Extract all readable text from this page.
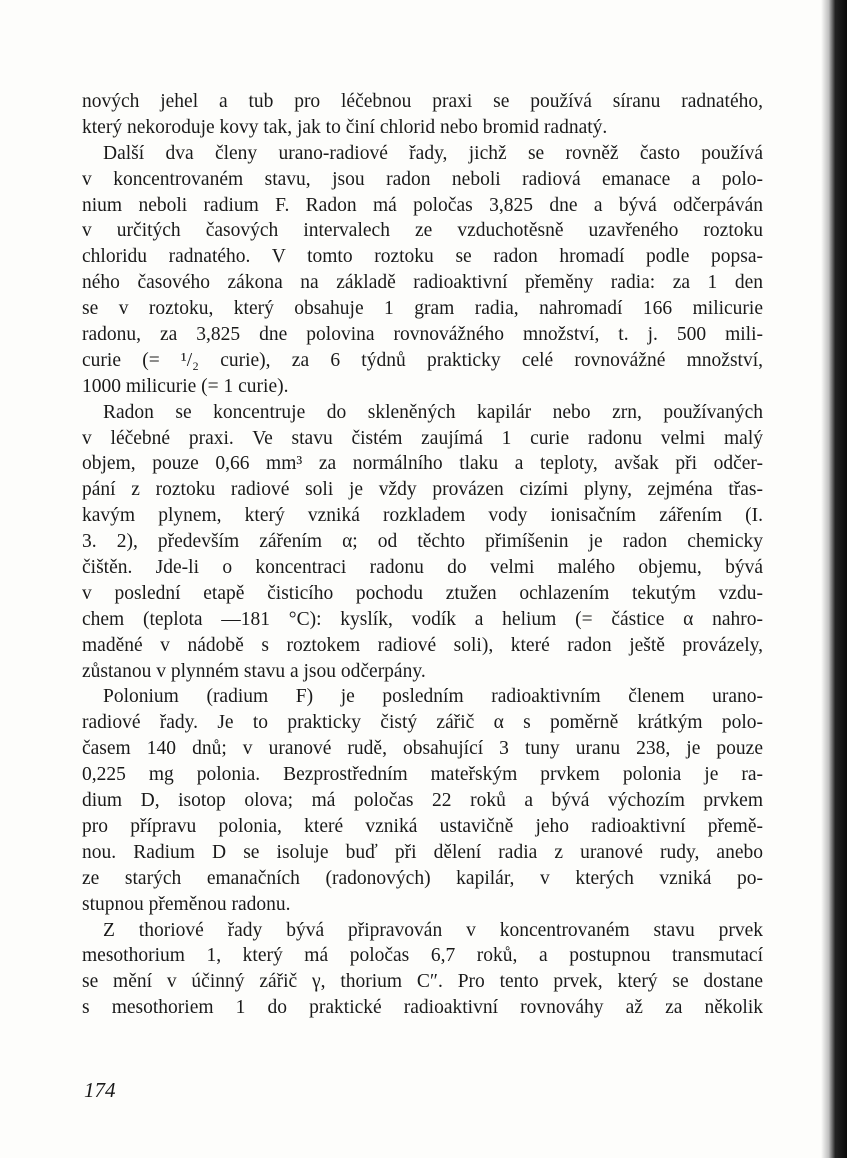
nových jehel a tub pro léčebnou praxi se používá síranu radnatého,
který nekoroduje kovy tak, jak to činí chlorid nebo bromid radnatý.
Další dva členy urano-radiové řady, jichž se rovněž často používá
v koncentrovaném stavu, jsou radon neboli radiová emanace a polo-
nium neboli radium F. Radon má poločas 3,825 dne a bývá odčerpáván
v určitých časových intervalech ze vzduchotěsně uzavřeného roztoku
chloridu radnatého. V tomto roztoku se radon hromadí podle popsa-
ného časového zákona na základě radioaktivní přeměny radia: za 1 den
se v roztoku, který obsahuje 1 gram radia, nahromadí 166 milicurie
radonu, za 3,825 dne polovina rovnovážného množství, t. j. 500 mili-
curie (= ¹/₂ curie), za 6 týdnů prakticky celé rovnovážné množství,
1000 milicurie (= 1 curie).
Radon se koncentruje do skleněných kapilár nebo zrn, používaných
v léčebné praxi. Ve stavu čistém zaujímá 1 curie radonu velmi malý
objem, pouze 0,66 mm³ za normálního tlaku a teploty, avšak při odčer-
pání z roztoku radiové soli je vždy provázen cizími plyny, zejména třas-
kavým plynem, který vzniká rozkladem vody ionisačním zářením (I.
3. 2), především zářením α; od těchto přimíšenin je radon chemicky
čištěn. Jde-li o koncentraci radonu do velmi malého objemu, bývá
v poslední etapě čisticího pochodu ztužen ochlazením tekutým vzdu-
chem (teplota —181 °C): kyslík, vodík a helium (= částice α nahro-
maděné v nádobě s roztokem radiové soli), které radon ještě provázely,
zůstanou v plynném stavu a jsou odčerpány.
Polonium (radium F) je posledním radioaktivním členem urano-
radiové řady. Je to prakticky čistý zářič α s poměrně krátkým polo-
časem 140 dnů; v uranové rudě, obsahující 3 tuny uranu 238, je pouze
0,225 mg polonia. Bezprostředním mateřským prvkem polonia je ra-
dium D, isotop olova; má poločas 22 roků a bývá výchozím prvkem
pro přípravu polonia, které vzniká ustavičně jeho radioaktivní přemě-
nou. Radium D se isoluje buď při dělení radia z uranové rudy, anebo
ze starých emanačních (radonových) kapilár, v kterých vzniká po-
stupnou přeměnou radonu.
Z thoriové řady bývá připravován v koncentrovaném stavu prvek
mesothorium 1, který má poločas 6,7 roků, a postupnou transmutací
se mění v účinný zářič γ, thorium C″. Pro tento prvek, který se dostane
s mesothoriem 1 do praktické radioaktivní rovnováhy až za několik
174
